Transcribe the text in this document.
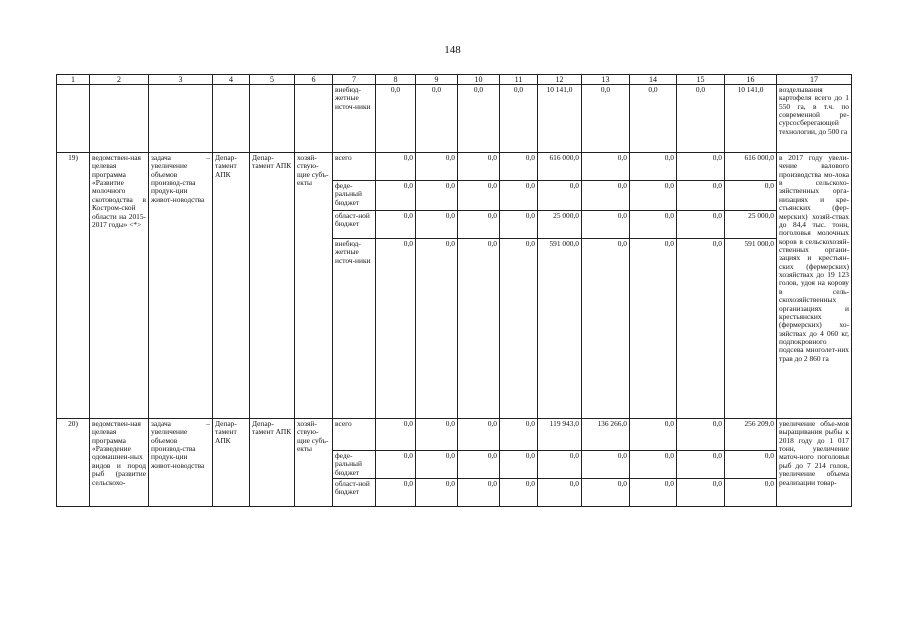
148
1	2	3	4	5	6	7	8	9	10	11	12	13	14	15	16	17
						внебюд-жетные источ-ники	0,0	0,0	0,0	0,0	10 141,0	0,0	0,0	0,0	10 141,0	возделывания картофеля всего до 1 550 га, в т.ч. по современной ре-сурсосберегающей технологии, до 500 га
19)	ведомствен-ная целевая программа «Развитие молочного скотоводства в Костром-ской области на 2015-2017 годы» <*>	задача – увеличение объемов производ-ства продук-ции живот-новодства	Депар-тамент АПК	Депар-тамент АПК	хозяй-ствую-щие субъ-екты	всего	0,0	0,0	0,0	0,0	616 000,0	0,0	0,0	0,0	616 000,0	в 2017 году увели-чение валового производства мо-лока в сельскохо-зяйственных орга-низациях и кре-стьянских (фер-мерских) хозяй-ствах до 84,4 тыс. тонн, поголовья молочных коров в сельскохозяй-ственных органи-зациях и крестьян-ских (фермерских) хозяйствах до 19 123 голов, удоя на корову в сель-скохозяйственных организациях и крестьянских (фермерских) хо-зяйствах до 4 060 кг, подпокровного подсева многолет-них трав до 2 860 га
						феде-ральный бюджет	0,0	0,0	0,0	0,0	0,0	0,0	0,0	0,0	0,0	
						област-ной бюджет	0,0	0,0	0,0	0,0	25 000,0	0,0	0,0	0,0	25 000,0	
						внебюд-жетные источ-ники	0,0	0,0	0,0	0,0	591 000,0	0,0	0,0	0,0	591 000,0	
20)	ведомствен-ная целевая программа «Разведение одомашнен-ных видов и пород рыб (развитие сельскохо-	задача – увеличение объемов производ-ства продук-ции живот-новодства	Депар-тамент АПК	Депар-тамент АПК	хозяй-ствую-щие субъ-екты	всего	0,0	0,0	0,0	0,0	119 943,0	136 266,0	0,0	0,0	256 209,0	увеличение объе-мов выращивания рыбы к 2018 году до 1 017 тонн, увеличение маточ-ного поголовья рыб до 7 214 голов, увеличение объема реализации товар-
						феде-ральный бюджет	0,0	0,0	0,0	0,0	0,0	0,0	0,0	0,0	0,0	
						област-ной бюджет	0,0	0,0	0,0	0,0	0,0	0,0	0,0	0,0	0,0	
